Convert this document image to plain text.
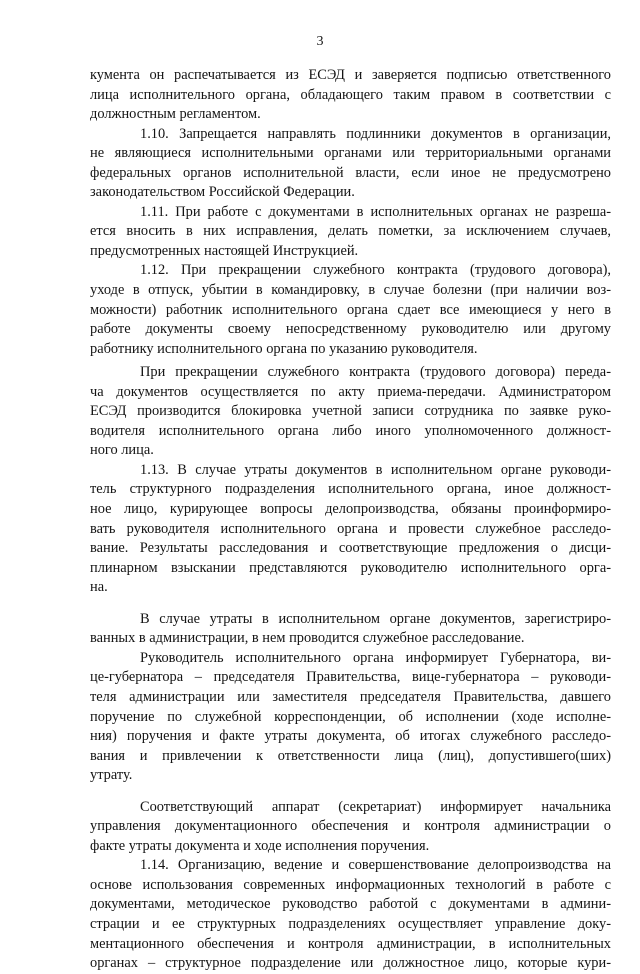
3
кумента он распечатывается из ЕСЭД и заверяется подписью ответственного
лица исполнительного органа, обладающего таким правом в соответствии с
должностным регламентом.
1.10. Запрещается направлять подлинники документов в организации,
не являющиеся исполнительными органами или территориальными органами
федеральных органов исполнительной власти, если иное не предусмотрено
законодательством Российской Федерации.
1.11. При работе с документами в исполнительных органах не разреша-
ется вносить в них исправления, делать пометки, за исключением случаев,
предусмотренных настоящей Инструкцией.
1.12. При прекращении служебного контракта (трудового договора),
уходе в отпуск, убытии в командировку, в случае болезни (при наличии воз-
можности) работник исполнительного органа сдает все имеющиеся у него в
работе документы своему непосредственному руководителю или другому
работнику исполнительного органа по указанию руководителя.
При прекращении служебного контракта (трудового договора) переда-
ча документов осуществляется по акту приема-передачи. Администратором
ЕСЭД производится блокировка учетной записи сотрудника по заявке руко-
водителя исполнительного органа либо иного уполномоченного должност-
ного лица.
1.13. В случае утраты документов в исполнительном органе руководи-
тель структурного подразделения исполнительного органа, иное должност-
ное лицо, курирующее вопросы делопроизводства, обязаны проинформиро-
вать руководителя исполнительного органа и провести служебное расследо-
вание. Результаты расследования и соответствующие предложения о дисци-
плинарном взыскании представляются руководителю исполнительного орга-
на.
В случае утраты в исполнительном органе документов, зарегистриро-
ванных в администрации, в нем проводится служебное расследование.
Руководитель исполнительного органа информирует Губернатора, ви-
це-губернатора – председателя Правительства, вице-губернатора – руководи-
теля администрации или заместителя председателя Правительства, давшего
поручение по служебной корреспонденции, об исполнении (ходе исполне-
ния) поручения и факте утраты документа, об итогах служебного расследо-
вания и привлечении к ответственности лица (лиц), допустившего(ших)
утрату.
Соответствующий аппарат (секретариат) информирует начальника
управления документационного обеспечения и контроля администрации о
факте утраты документа и ходе исполнения поручения.
1.14. Организацию, ведение и совершенствование делопроизводства на
основе использования современных информационных технологий в работе с
документами, методическое руководство работой с документами в админи-
страции и ее структурных подразделениях осуществляет управление доку-
ментационного обеспечения и контроля администрации, в исполнительных
органах – структурное подразделение или должностное лицо, которые кури-
